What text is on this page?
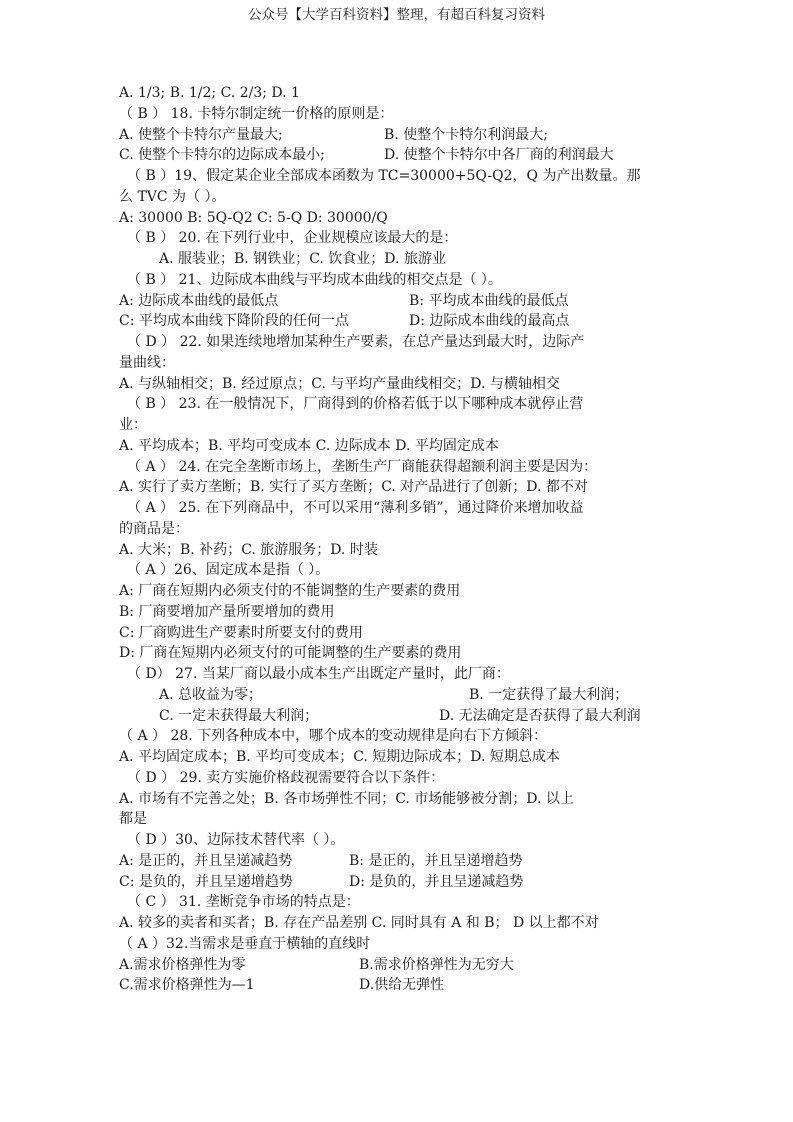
公众号【大学百科资料】整理，有超百科复习资料
A. 1/3; B. 1/2; C. 2/3; D. 1
（ B ） 18. 卡特尔制定统一价格的原则是：
A. 使整个卡特尔产量最大;	B. 使整个卡特尔利润最大;
C. 使整个卡特尔的边际成本最小;	D. 使整个卡特尔中各厂商的利润最大
（ B ）19、假定某企业全部成本函数为 TC=30000+5Q-Q2，Q 为产出数量。那
么 TVC 为（ ）。
A: 30000 B: 5Q-Q2 C: 5-Q D: 30000/Q
（ B ） 20. 在下列行业中，企业规模应该最大的是：
A. 服装业；B. 钢铁业；C. 饮食业；D. 旅游业
（ B ） 21、边际成本曲线与平均成本曲线的相交点是（ ）。
A: 边际成本曲线的最低点	B: 平均成本曲线的最低点
C: 平均成本曲线下降阶段的任何一点	D: 边际成本曲线的最高点
（ D ） 22. 如果连续地增加某种生产要素，在总产量达到最大时，边际产
量曲线：
A. 与纵轴相交；B. 经过原点；C. 与平均产量曲线相交；D. 与横轴相交
（ B ） 23. 在一般情况下，厂商得到的价格若低于以下哪种成本就停止营
业：
A. 平均成本；B. 平均可变成本 C. 边际成本 D. 平均固定成本
（ A ） 24. 在完全垄断市场上，垄断生产厂商能获得超额利润主要是因为：
A. 实行了卖方垄断；B. 实行了买方垄断；C. 对产品进行了创新；D. 都不对
（ A ） 25. 在下列商品中，不可以采用“薄利多销”，通过降价来增加收益
的商品是：
A. 大米；B. 补药；C. 旅游服务；D. 时装
（ A ）26、固定成本是指（ ）。
A: 厂商在短期内必须支付的不能调整的生产要素的费用
B: 厂商要增加产量所要增加的费用
C: 厂商购进生产要素时所要支付的费用
D: 厂商在短期内必须支付的可能调整的生产要素的费用
（ D） 27. 当某厂商以最小成本生产出既定产量时，此厂商：
A. 总收益为零；	B. 一定获得了最大利润；
C. 一定未获得最大利润；	D. 无法确定是否获得了最大利润
（ A ） 28. 下列各种成本中，哪个成本的变动规律是向右下方倾斜：
A. 平均固定成本；B. 平均可变成本；C. 短期边际成本；D. 短期总成本
（ D ） 29. 卖方实施价格歧视需要符合以下条件：
A. 市场有不完善之处；B. 各市场弹性不同；C. 市场能够被分割；D. 以上
都是
（ D ）30、边际技术替代率（ ）。
A: 是正的，并且呈递减趋势	B: 是正的，并且呈递增趋势
C: 是负的，并且呈递增趋势	D: 是负的，并且呈递减趋势
（ C ） 31. 垄断竞争市场的特点是：
A. 较多的卖者和买者；B. 存在产品差别 C. 同时具有 A 和 B； D 以上都不对
（ A ）32.当需求是垂直于横轴的直线时
A.需求价格弹性为零	B.需求价格弹性为无穷大
C.需求价格弹性为—1	D.供给无弹性
